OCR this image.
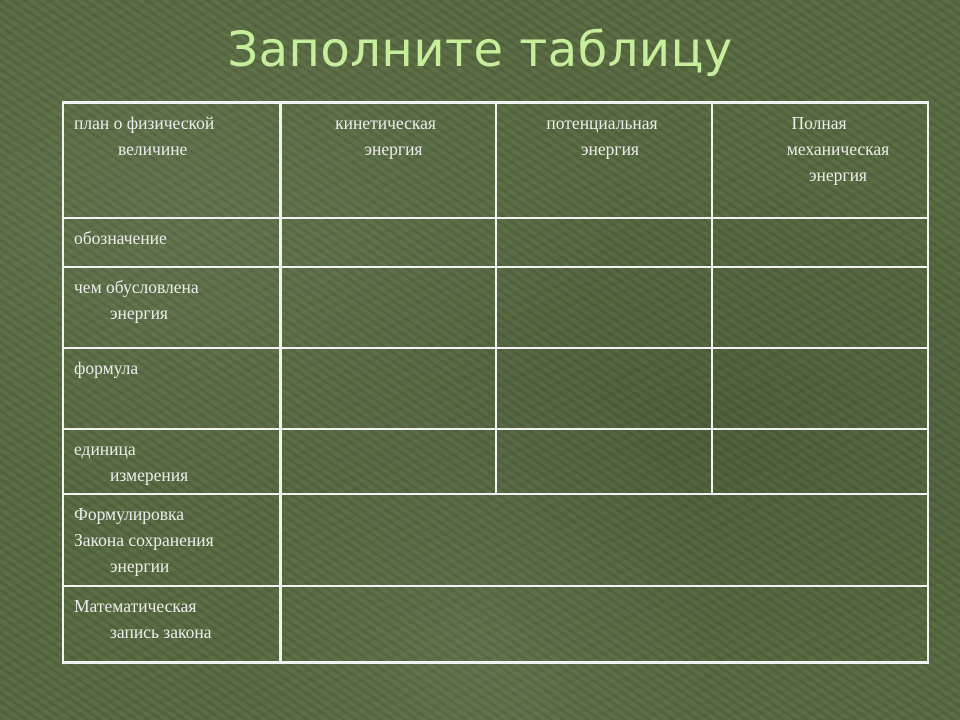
Заполните таблицу
план о физической
величине
кинетическая
энергия
потенциальная
энергия
Полная
механическая
энергия
обозначение
чем обусловлена
энергия
формула
единица
измерения
Формулировка
Закона сохранения
энергии
Математическая
запись закона
